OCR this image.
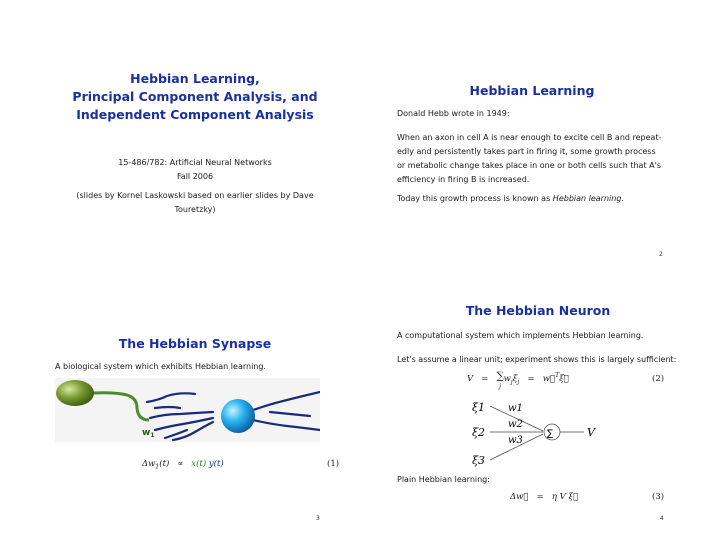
Hebbian Learning,
Principal Component Analysis, and
Independent Component Analysis
15-486/782: Artificial Neural Networks
Fall 2006
(slides by Kornel Laskowski based on earlier slides by Dave
Touretzky)
Hebbian Learning
Donald Hebb wrote in 1949:
When an axon in cell A is near enough to excite cell B and repeat-
edly and persistently takes part in firing it, some growth process
or metabolic change takes place in one or both cells such that A's
efficiency in firing B is increased.
Today this growth process is known as Hebbian learning.
2
The Hebbian Synapse
A biological system which exhibits Hebbian learning.
$w_1$
$\Delta w_1(t) \propto x(t)$ y(t)	(1)
3
The Hebbian Neuron
A computational system which implements Hebbian learning.
Let's assume a linear unit; experiment shows this is largely sufficient:
V = ∑
$jw_j\xi_j$ = w⃗$^T$ξ⃗	(2)
ξ1
ξ2
ξ3
w1
w2
w3
∑	V
Plain Hebbian learning:
Δw⃗ = η V ξ⃗	(3)
4
